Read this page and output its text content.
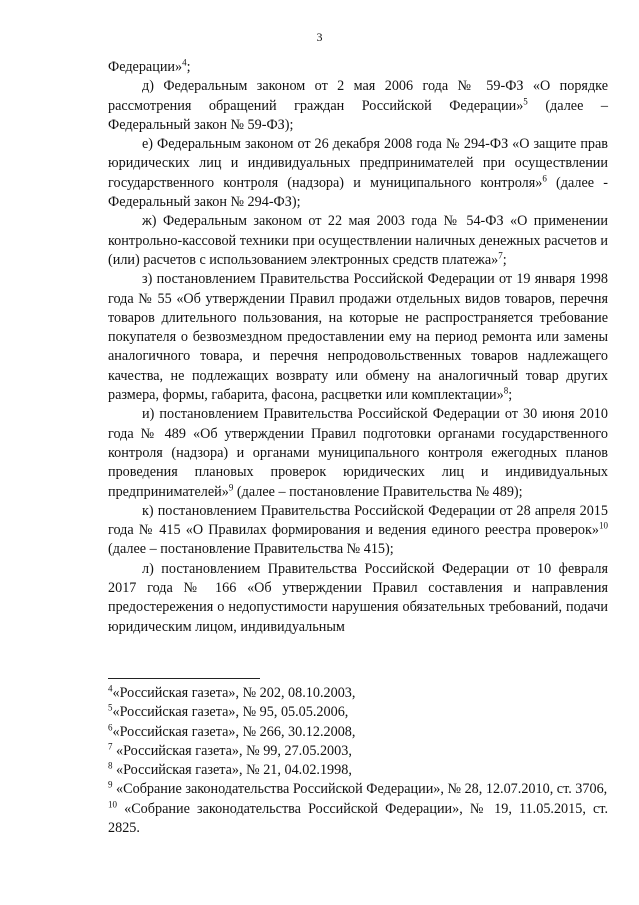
3

Федерации»$^4$;

д) Федеральным законом от 2 мая 2006 года № 59-ФЗ «О порядке рассмотрения обращений граждан Российской Федерации»$^5$ (далее – Федеральный закон № 59-ФЗ);

е) Федеральным законом от 26 декабря 2008 года № 294-ФЗ «О защите прав юридических лиц и индивидуальных предпринимателей при осуществлении государственного контроля (надзора) и муниципального контроля»$^6$ (далее - Федеральный закон № 294-ФЗ);

ж) Федеральным законом от 22 мая 2003 года № 54-ФЗ «О применении контрольно-кассовой техники при осуществлении наличных денежных расчетов и (или) расчетов с использованием электронных средств платежа»$^7$;

з) постановлением Правительства Российской Федерации от 19 января 1998 года № 55 «Об утверждении Правил продажи отдельных видов товаров, перечня товаров длительного пользования, на которые не распространяется требование покупателя о безвозмездном предоставлении ему на период ремонта или замены аналогичного товара, и перечня непродовольственных товаров надлежащего качества, не подлежащих возврату или обмену на аналогичный товар других размера, формы, габарита, фасона, расцветки или комплектации»$^8$;

и) постановлением Правительства Российской Федерации от 30 июня 2010 года № 489 «Об утверждении Правил подготовки органами государственного контроля (надзора) и органами муниципального контроля ежегодных планов проведения плановых проверок юридических лиц и индивидуальных предпринимателей»$^9$ (далее – постановление Правительства № 489);

к) постановлением Правительства Российской Федерации от 28 апреля 2015 года № 415 «О Правилах формирования и ведения единого реестра проверок»$^{10}$ (далее – постановление Правительства № 415);

л) постановлением Правительства Российской Федерации от 10 февраля 2017 года № 166 «Об утверждении Правил составления и направления предостережения о недопустимости нарушения обязательных требований, подачи юридическим лицом, индивидуальным

$^4$«Российская газета», № 202, 08.10.2003,

$^5$«Российская газета», № 95, 05.05.2006,

$^6$«Российская газета», № 266, 30.12.2008,

$^7$ «Российская газета», № 99, 27.05.2003,

$^8$ «Российская газета», № 21, 04.02.1998,

$^9$ «Собрание законодательства Российской Федерации», № 28, 12.07.2010, ст. 3706,

$^{10}$ «Собрание законодательства Российской Федерации», № 19, 11.05.2015, ст. 2825.
